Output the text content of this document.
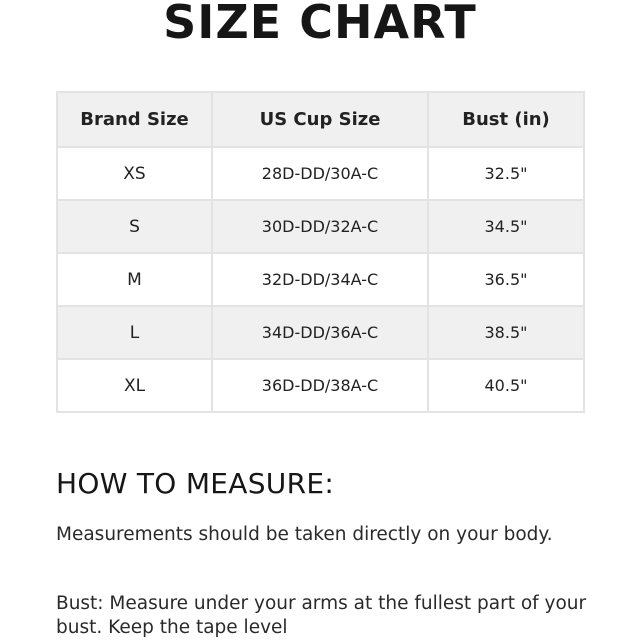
SIZE CHART
Brand Size	US Cup Size	Bust (in)
XS	28D-DD/30A-C	32.5"
S	30D-DD/32A-C	34.5"
M	32D-DD/34A-C	36.5"
L	34D-DD/36A-C	38.5"
XL	36D-DD/38A-C	40.5"
HOW TO MEASURE:
Measurements should be taken directly on your body.
Bust: Measure under your arms at the fullest part of your bust. Keep the tape level
